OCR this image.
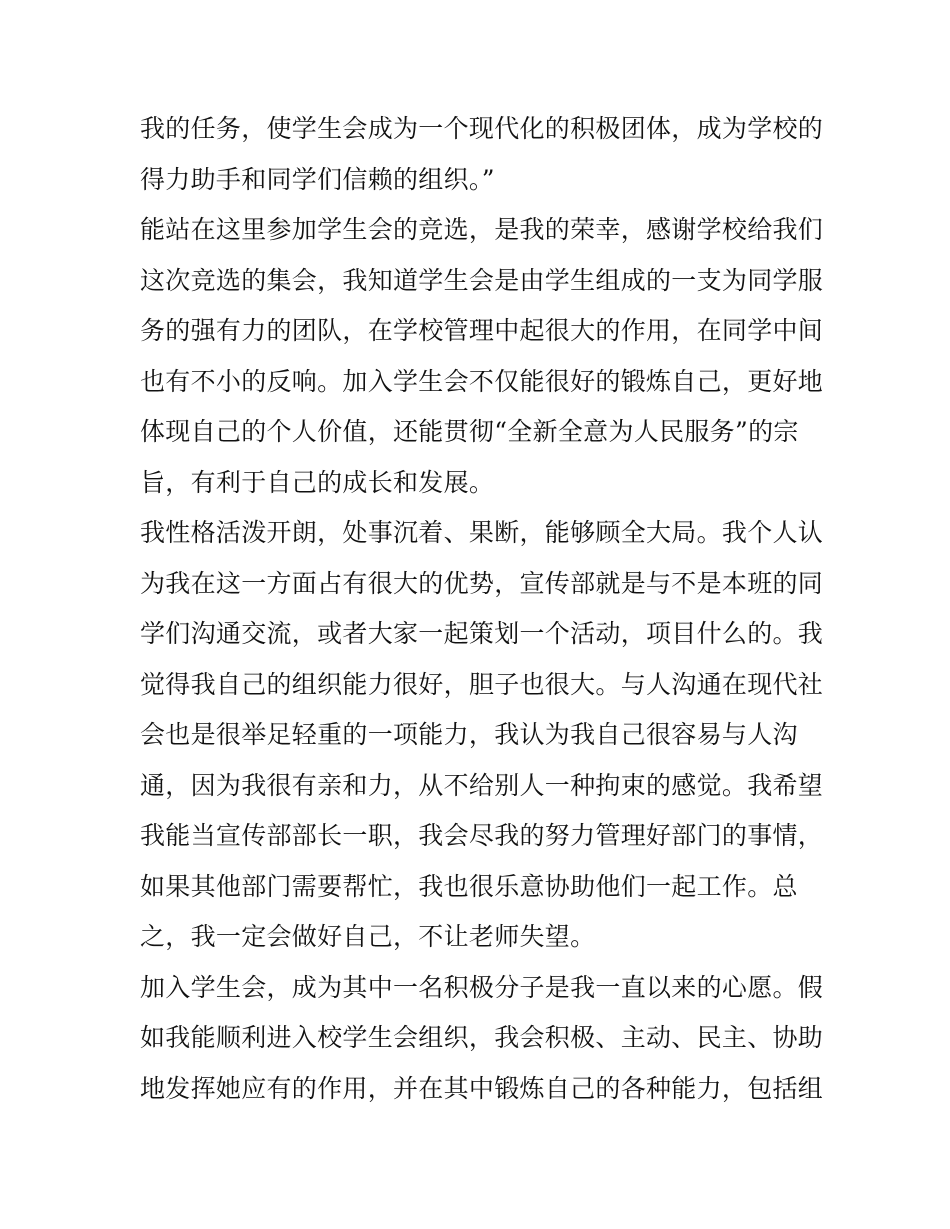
我的任务，使学生会成为一个现代化的积极团体，成为学校的
得力助手和同学们信赖的组织。”
能站在这里参加学生会的竞选，是我的荣幸，感谢学校给我们
这次竞选的集会，我知道学生会是由学生组成的一支为同学服
务的强有力的团队，在学校管理中起很大的作用，在同学中间
也有不小的反响。加入学生会不仅能很好的锻炼自己，更好地
体现自己的个人价值，还能贯彻“全新全意为人民服务”的宗
旨，有利于自己的成长和发展。
我性格活泼开朗，处事沉着、果断，能够顾全大局。我个人认
为我在这一方面占有很大的优势，宣传部就是与不是本班的同
学们沟通交流，或者大家一起策划一个活动，项目什么的。我
觉得我自己的组织能力很好，胆子也很大。与人沟通在现代社
会也是很举足轻重的一项能力，我认为我自己很容易与人沟
通，因为我很有亲和力，从不给别人一种拘束的感觉。我希望
我能当宣传部部长一职，我会尽我的努力管理好部门的事情，
如果其他部门需要帮忙，我也很乐意协助他们一起工作。总
之，我一定会做好自己，不让老师失望。
加入学生会，成为其中一名积极分子是我一直以来的心愿。假
如我能顺利进入校学生会组织，我会积极、主动、民主、协助
地发挥她应有的作用，并在其中锻炼自己的各种能力，包括组
